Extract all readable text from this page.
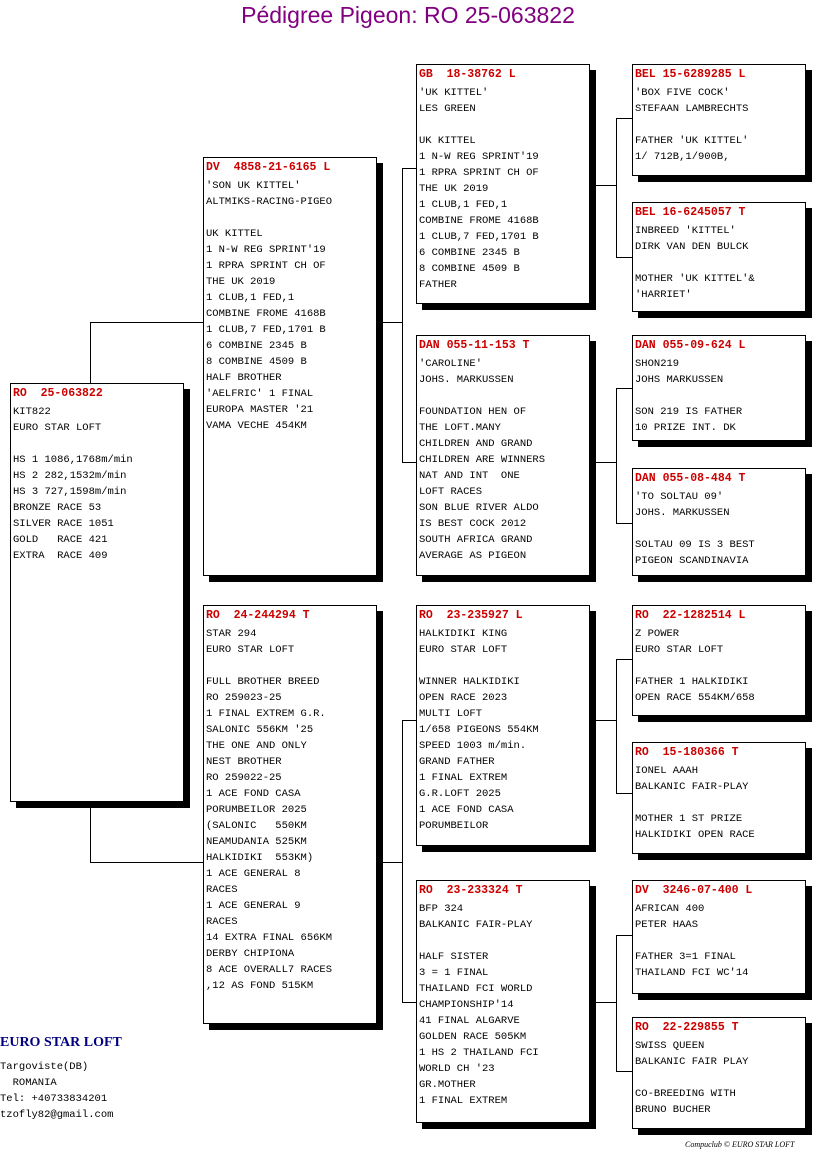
Pédigree Pigeon: RO 25-063822
RO  25-063822
KIT822
EURO STAR LOFT

HS 1 1086,1768m/min
HS 2 282,1532m/min
HS 3 727,1598m/min
BRONZE RACE 53
SILVER RACE 1051
GOLD   RACE 421
EXTRA  RACE 409
DV  4858-21-6165 L
'SON UK KITTEL'
ALTMIKS-RACING-PIGEO

UK KITTEL
1 N-W REG SPRINT'19
1 RPRA SPRINT CH OF
THE UK 2019
1 CLUB,1 FED,1
COMBINE FROME 4168B
1 CLUB,7 FED,1701 B
6 COMBINE 2345 B
8 COMBINE 4509 B
HALF BROTHER
'AELFRIC' 1 FINAL
EUROPA MASTER '21
VAMA VECHE 454KM
RO  24-244294 T
STAR 294
EURO STAR LOFT

FULL BROTHER BREED
RO 259023-25
1 FINAL EXTREM G.R.
SALONIC 556KM '25
THE ONE AND ONLY
NEST BROTHER
RO 259022-25
1 ACE FOND CASA
PORUMBEILOR 2025
(SALONIC   550KM
NEAMUDANIA 525KM
HALKIDIKI  553KM)
1 ACE GENERAL 8
RACES
1 ACE GENERAL 9
RACES
14 EXTRA FINAL 656KM
DERBY CHIPIONA
8 ACE OVERALL7 RACES
,12 AS FOND 515KM
GB  18-38762 L
'UK KITTEL'
LES GREEN

UK KITTEL
1 N-W REG SPRINT'19
1 RPRA SPRINT CH OF
THE UK 2019
1 CLUB,1 FED,1
COMBINE FROME 4168B
1 CLUB,7 FED,1701 B
6 COMBINE 2345 B
8 COMBINE 4509 B
FATHER
DAN 055-11-153 T
'CAROLINE'
JOHS. MARKUSSEN

FOUNDATION HEN OF
THE LOFT.MANY
CHILDREN AND GRAND
CHILDREN ARE WINNERS
NAT AND INT  ONE
LOFT RACES
SON BLUE RIVER ALDO
IS BEST COCK 2012
SOUTH AFRICA GRAND
AVERAGE AS PIGEON
RO  23-235927 L
HALKIDIKI KING
EURO STAR LOFT

WINNER HALKIDIKI
OPEN RACE 2023
MULTI LOFT
1/658 PIGEONS 554KM
SPEED 1003 m/min.
GRAND FATHER
1 FINAL EXTREM
G.R.LOFT 2025
1 ACE FOND CASA
PORUMBEILOR
RO  23-233324 T
BFP 324
BALKANIC FAIR-PLAY

HALF SISTER
3 = 1 FINAL
THAILAND FCI WORLD
CHAMPIONSHIP'14
41 FINAL ALGARVE
GOLDEN RACE 505KM
1 HS 2 THAILAND FCI
WORLD CH '23
GR.MOTHER
1 FINAL EXTREM
BEL 15-6289285 L
'BOX FIVE COCK'
STEFAAN LAMBRECHTS

FATHER 'UK KITTEL'
1/ 712B,1/900B,
BEL 16-6245057 T
INBREED 'KITTEL'
DIRK VAN DEN BULCK

MOTHER 'UK KITTEL'&
'HARRIET'
DAN 055-09-624 L
SHON219
JOHS MARKUSSEN

SON 219 IS FATHER
10 PRIZE INT. DK
DAN 055-08-484 T
'TO SOLTAU 09'
JOHS. MARKUSSEN

SOLTAU 09 IS 3 BEST
PIGEON SCANDINAVIA
RO  22-1282514 L
Z POWER
EURO STAR LOFT

FATHER 1 HALKIDIKI
OPEN RACE 554KM/658
RO  15-180366 T
IONEL AAAH
BALKANIC FAIR-PLAY

MOTHER 1 ST PRIZE
HALKIDIKI OPEN RACE
DV  3246-07-400 L
AFRICAN 400
PETER HAAS

FATHER 3=1 FINAL
THAILAND FCI WC'14
RO  22-229855 T
SWISS QUEEN
BALKANIC FAIR PLAY

CO-BREEDING WITH
BRUNO BUCHER
EURO STAR LOFT
Targoviste(DB)
ROMANIA
Tel: +40733834201
tzofly82@gmail.com
Compuclub © EURO STAR LOFT
